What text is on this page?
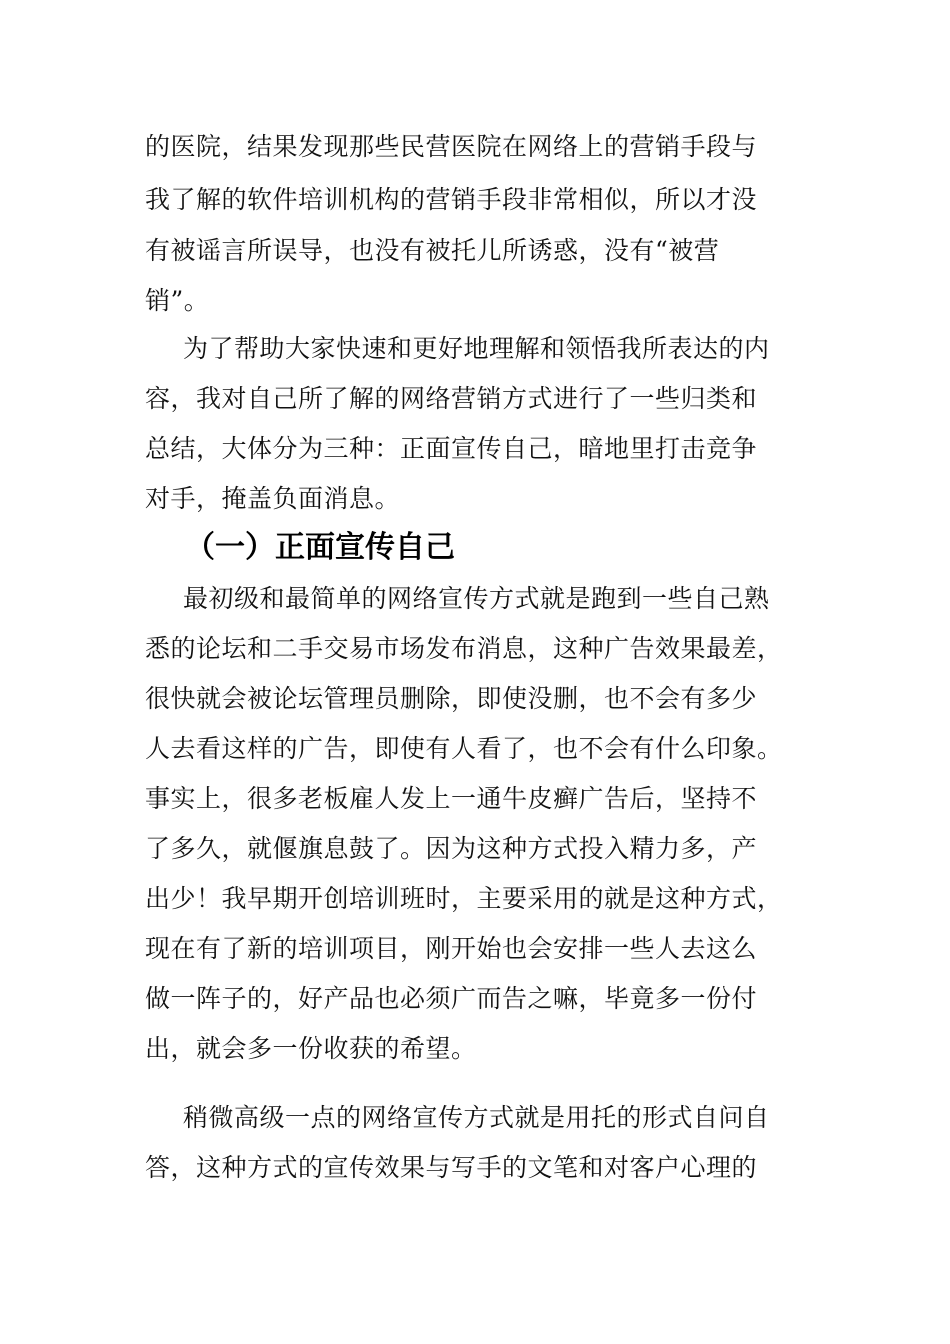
的医院，结果发现那些民营医院在网络上的营销手段与
我了解的软件培训机构的营销手段非常相似，所以才没
有被谣言所误导，也没有被托儿所诱惑，没有“被营
销”。
为了帮助大家快速和更好地理解和领悟我所表达的内
容，我对自己所了解的网络营销方式进行了一些归类和
总结，大体分为三种：正面宣传自己，暗地里打击竞争
对手，掩盖负面消息。
（一）正面宣传自己
最初级和最简单的网络宣传方式就是跑到一些自己熟
悉的论坛和二手交易市场发布消息，这种广告效果最差，
很快就会被论坛管理员删除，即使没删，也不会有多少
人去看这样的广告，即使有人看了，也不会有什么印象。
事实上，很多老板雇人发上一通牛皮癣广告后，坚持不
了多久，就偃旗息鼓了。因为这种方式投入精力多，产
出少！我早期开创培训班时，主要采用的就是这种方式，
现在有了新的培训项目，刚开始也会安排一些人去这么
做一阵子的，好产品也必须广而告之嘛，毕竟多一份付
出，就会多一份收获的希望。
稍微高级一点的网络宣传方式就是用托的形式自问自
答，这种方式的宣传效果与写手的文笔和对客户心理的
